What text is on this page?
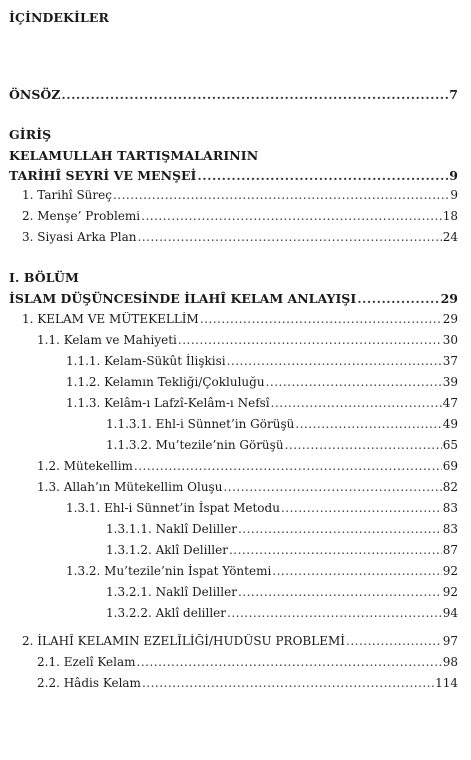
İÇİNDEKİLER
ÖNSÖZ .....	7
GİRİŞ
KELAMULLAH TARTIŞMALARININ
TARİHÎ SEYRİ VE MENŞEİ .....	9
1. Tarihî Süreç .....	9
2. Menşe’ Problemi .....	18
3. Siyasi Arka Plan .....	24
I. BÖLÜM
İSLAM DÜŞÜNCESİNDE İLAHÎ KELAM ANLAYIŞI .....	29
1. KELAM VE MÜTEKELLİM .....	29
1.1. Kelam ve Mahiyeti .....	30
1.1.1. Kelam-Sükût İlişkisi .....	37
1.1.2. Kelamın Tekliği/Çokluluğu .....	39
1.1.3. Kelâm-ı Lafzî-Kelâm-ı Nefsî .....	47
1.1.3.1. Ehl-i Sünnet’in Görüşü .....	49
1.1.3.2. Mu’tezile’nin Görüşü .....	65
1.2. Mütekellim .....	69
1.3. Allah’ın Mütekellim Oluşu .....	82
1.3.1. Ehl-i Sünnet’in İspat Metodu .....	83
1.3.1.1. Naklî Deliller .....	83
1.3.1.2. Aklî Deliller .....	87
1.3.2. Mu’tezile’nin İspat Yöntemi .....	92
1.3.2.1. Naklî Deliller .....	92
1.3.2.2. Aklî deliller .....	94
2. İLAHÎ KELAMIN EZELÎLİĞİ/HUDÛSU PROBLEMİ .....	97
2.1. Ezelî Kelam .....	98
2.2. Hâdis Kelam .....	114
